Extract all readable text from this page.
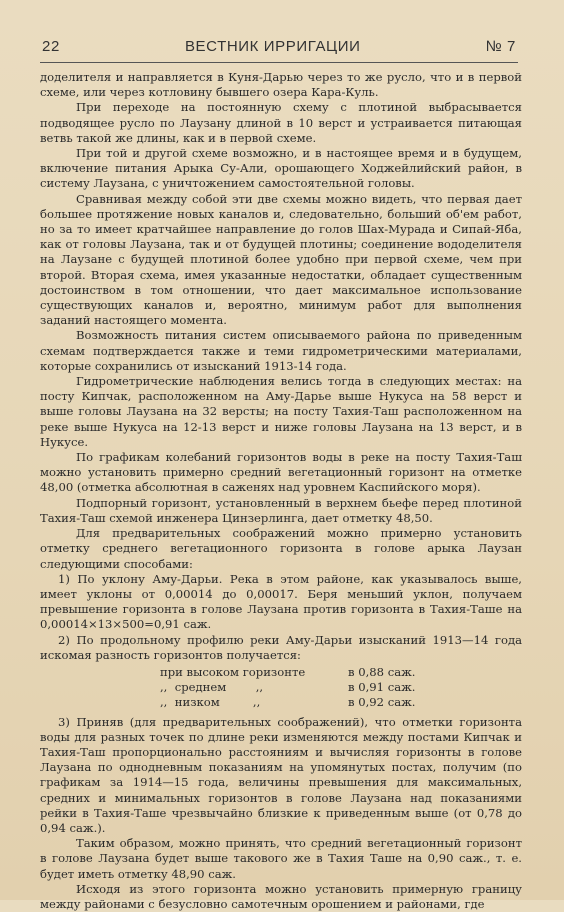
22	ВЕСТНИК ИРРИГАЦИИ	№ 7

доделителя и направляется в Куня-Дарью через то же русло, что и в первой схеме, или через котловину бывшего озера Кара-Куль.

При переходе на постоянную схему с плотиной выбрасывается подводящее русло по Лаузану длиной в 10 верст и устраивается питающая ветвь такой же длины, как и в первой схеме.

При той и другой схеме возможно, и в настоящее время и в будущем, включение питания Арыка Су-Али, орошающего Ходжейлийский район, в систему Лаузана, с уничтожением самостоятельной головы.

Сравнивая между собой эти две схемы можно видеть, что первая дает большее протяжение новых каналов и, следовательно, больший об'ем работ, но за то имеет кратчайшее направление до голов Шах-Мурада и Сипай-Яба, как от головы Лаузана, так и от будущей плотины; соединение вододелителя на Лаузане с будущей плотиной более удобно при первой схеме, чем при второй. Вторая схема, имея указанные недостатки, обладает существенным достоинством в том отношении, что дает максимальное использование существующих каналов и, вероятно, минимум работ для выполнения заданий настоящего момента.

Возможность питания систем описываемого района по приведенным схемам подтверждается также и теми гидрометрическими материалами, которые сохранились от изысканий 1913-14 года.

Гидрометрические наблюдения велись тогда в следующих местах: на посту Кипчак, расположенном на Аму-Дарье выше Нукуса на 58 верст и выше головы Лаузана на 32 версты; на посту Тахия-Таш расположенном на реке выше Нукуса на 12-13 верст и ниже головы Лаузана на 13 верст, и в Нукусе.

По графикам колебаний горизонтов воды в реке на посту Тахия-Таш можно установить примерно средний вегетационный горизонт на отметке 48,00 (отметка абсолютная в саженях над уровнем Каспийского моря).

Подпорный горизонт, установленный в верхнем бьефе перед плотиной Тахия-Таш схемой инженера Цинзерлинга, дает отметку 48,50.

Для предварительных соображений можно примерно установить отметку среднего вегетационного горизонта в голове арыка Лаузан следующими способами:

1) По уклону Аму-Дарьи. Река в этом районе, как указывалось выше, имеет уклоны от 0,00014 до 0,00017. Беря меньший уклон, получаем превышение горизонта в голове Лаузана против горизонта в Тахия-Таше на 0,00014×13×500=0,91 саж.

2) По продольному профилю реки Аму-Дарьи изысканий 1913—14 года искомая разность горизонтов получается:

при высоком горизонте	в 0,88 саж.
,,  среднем        ,,	в 0,91 саж.
,,  низком         ,,	в 0,92 саж.

3) Приняв (для предварительных соображений), что отметки горизонта воды для разных точек по длине реки изменяются между постами Кипчак и Тахия-Таш пропорционально расстояниям и вычисляя горизонты в голове Лаузана по однодневным показаниям на упомянутых постах, получим (по графикам за 1914—15 года, величины превышения для максимальных, средних и минимальных горизонтов в голове Лаузана над показаниями рейки в Тахия-Таше чрезвычайно близкие к приведенным выше (от 0,78 до 0,94 саж.).

Таким образом, можно принять, что средний вегетационный горизонт в голове Лаузана будет выше такового же в Тахия Таше на 0,90 саж., т. е. будет иметь отметку 48,90 саж.

Исходя из этого горизонта можно установить примерную границу между районами с безусловно самотечным орошением и районами, где
